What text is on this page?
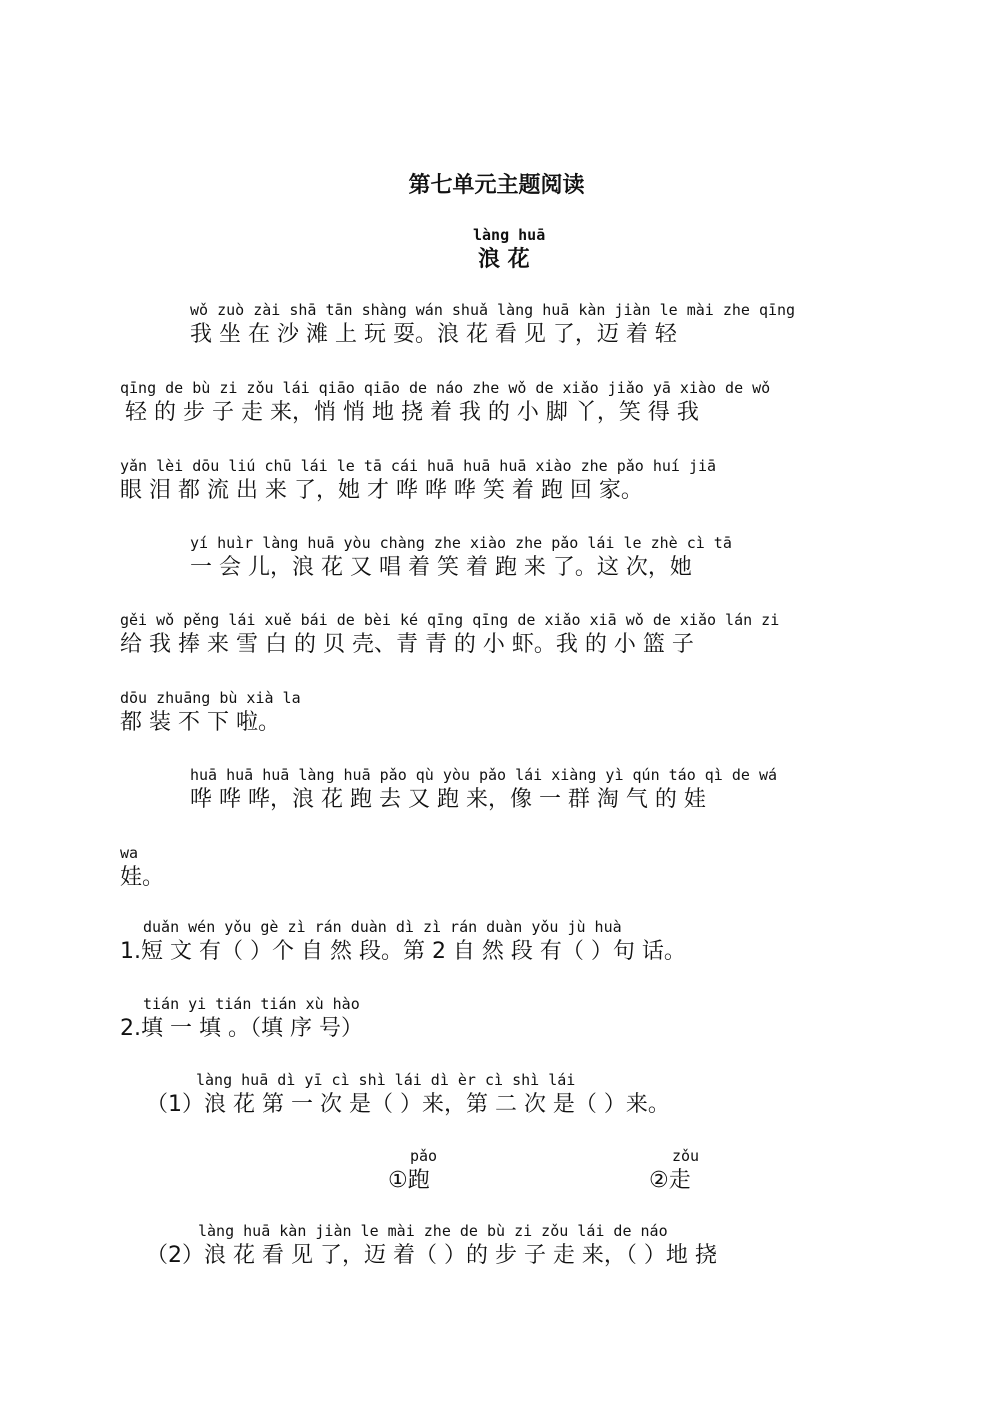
第七单元主题阅读
làng huā
浪 花
wǒ zuò zài shā tān shàng wán shuǎ làng huā kàn jiàn le mài zhe qīng
我 坐 在 沙 滩 上 玩 耍。浪 花 看 见 了，迈 着 轻
qīng de bù zi zǒu lái qiāo qiāo de náo zhe wǒ de xiǎo jiǎo yā xiào de wǒ
轻 的 步 子 走 来，悄 悄 地 挠 着 我 的 小 脚 丫，笑 得 我
yǎn lèi dōu liú chū lái le tā cái huā huā huā xiào zhe pǎo huí jiā
眼 泪 都 流 出 来 了，她 才 哗 哗 哗 笑 着 跑 回 家。
yí huìr làng huā yòu chàng zhe xiào zhe pǎo lái le zhè cì tā
一 会 儿，浪 花 又 唱 着 笑 着 跑 来 了。这 次，她
gěi wǒ pěng lái xuě bái de bèi ké qīng qīng de xiǎo xiā wǒ de xiǎo lán zi
给 我 捧 来 雪 白 的 贝 壳、青 青 的 小 虾。我 的 小 篮 子
dōu zhuāng bù xià la
都 装 不 下 啦。
huā huā huā làng huā pǎo qù yòu pǎo lái xiàng yì qún táo qì de wá
哗 哗 哗，浪 花 跑 去 又 跑 来，像 一 群 淘 气 的 娃
wa
娃。
duǎn wén yǒu gè zì rán duàn dì zì rán duàn yǒu jù huà
1.短 文 有（ ）个 自 然 段。第 2 自 然 段 有（ ）句 话。
tián yi tián tián xù hào
2.填 一 填 。（填 序 号）
làng huā dì yī cì shì lái dì èr cì shì lái
（1）浪 花 第 一 次 是（ ）来，第 二 次 是（ ）来。
pǎo
①跑
zǒu
②走
làng huā kàn jiàn le mài zhe de bù zi zǒu lái de náo
（2）浪 花 看 见 了，迈 着（ ）的 步 子 走 来，（ ）地 挠
